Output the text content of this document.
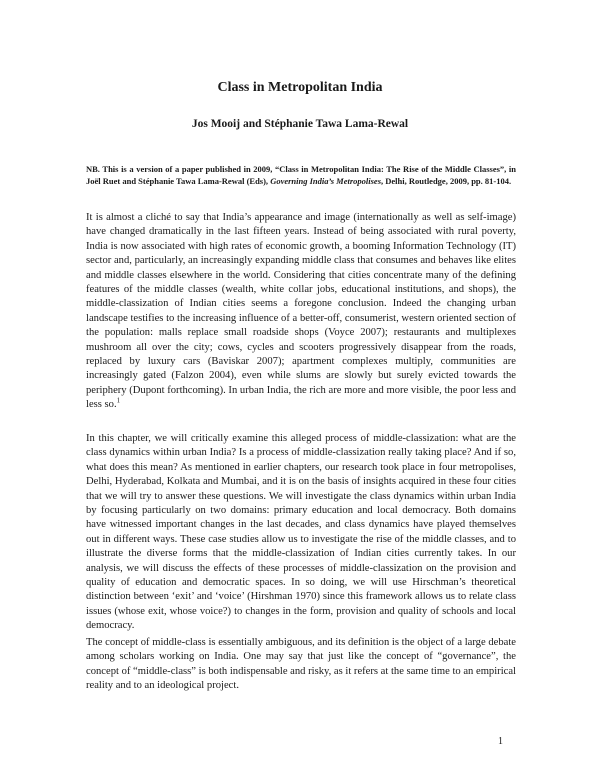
Class in Metropolitan India
Jos Mooij and Stéphanie Tawa Lama-Rewal
NB. This is a version of a paper published in 2009, “Class in Metropolitan India: The Rise of the Middle Classes”, in Joël Ruet and Stéphanie Tawa Lama-Rewal (Eds), Governing India’s Metropolises, Delhi, Routledge, 2009, pp. 81-104.
It is almost a cliché to say that India’s appearance and image (internationally as well as self-image) have changed dramatically in the last fifteen years. Instead of being associated with rural poverty, India is now associated with high rates of economic growth, a booming Information Technology (IT) sector and, particularly, an increasingly expanding middle class that consumes and behaves like elites and middle classes elsewhere in the world. Considering that cities concentrate many of the defining features of the middle classes (wealth, white collar jobs, educational institutions, and shops), the middle-classization of Indian cities seems a foregone conclusion. Indeed the changing urban landscape testifies to the increasing influence of a better-off, consumerist, western oriented section of the population: malls replace small roadside shops (Voyce 2007); restaurants and multiplexes mushroom all over the city; cows, cycles and scooters progressively disappear from the roads, replaced by luxury cars (Baviskar 2007); apartment complexes multiply, communities are increasingly gated (Falzon 2004), even while slums are slowly but surely evicted towards the periphery (Dupont forthcoming). In urban India, the rich are more and more visible, the poor less and less so.$^1$
In this chapter, we will critically examine this alleged process of middle-classization: what are the class dynamics within urban India? Is a process of middle-classization really taking place? And if so, what does this mean? As mentioned in earlier chapters, our research took place in four metropolises, Delhi, Hyderabad, Kolkata and Mumbai, and it is on the basis of insights acquired in these four cities that we will try to answer these questions. We will investigate the class dynamics within urban India by focusing particularly on two domains: primary education and local democracy. Both domains have witnessed important changes in the last decades, and class dynamics have played themselves out in different ways. These case studies allow us to investigate the rise of the middle classes, and to illustrate the diverse forms that the middle-classization of Indian cities currently takes. In our analysis, we will discuss the effects of these processes of middle-classization on the provision and quality of education and democratic spaces. In so doing, we will use Hirschman’s theoretical distinction between ‘exit’ and ‘voice’ (Hirshman 1970) since this framework allows us to relate class issues (whose exit, whose voice?) to changes in the form, provision and quality of schools and local democracy.
The concept of middle-class is essentially ambiguous, and its definition is the object of a large debate among scholars working on India. One may say that just like the concept of “governance”, the concept of “middle-class” is both indispensable and risky, as it refers at the same time to an empirical reality and to an ideological project.
1
